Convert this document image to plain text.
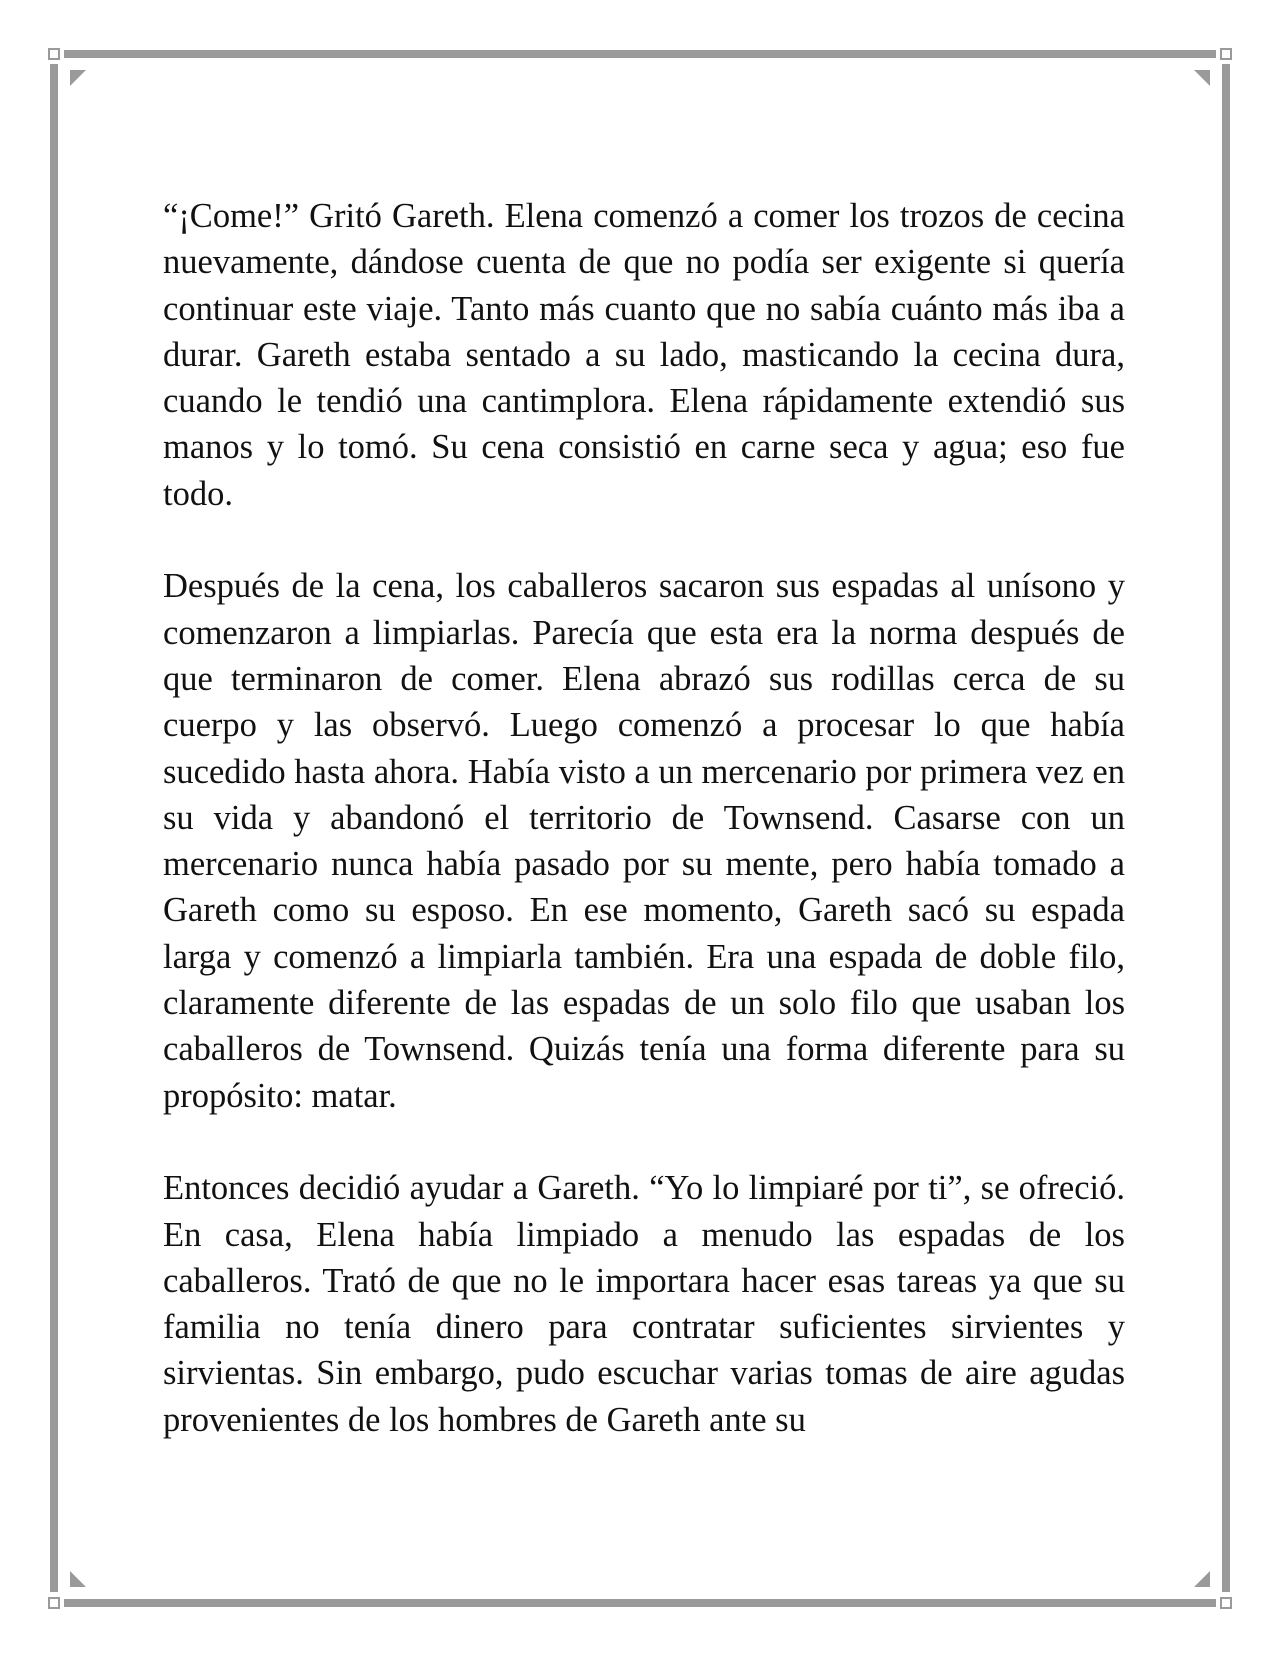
“¡Come!” Gritó Gareth. Elena comenzó a comer los trozos de cecina nuevamente, dándose cuenta de que no podía ser exigente si quería continuar este viaje. Tanto más cuanto que no sabía cuánto más iba a durar. Gareth estaba sentado a su lado, masticando la cecina dura, cuando le tendió una cantimplora. Elena rápidamente extendió sus manos y lo tomó. Su cena consistió en carne seca y agua; eso fue todo.

Después de la cena, los caballeros sacaron sus espadas al unísono y comenzaron a limpiarlas. Parecía que esta era la norma después de que terminaron de comer. Elena abrazó sus rodillas cerca de su cuerpo y las observó. Luego comenzó a procesar lo que había sucedido hasta ahora. Había visto a un mercenario por primera vez en su vida y abandonó el territorio de Townsend. Casarse con un mercenario nunca había pasado por su mente, pero había tomado a Gareth como su esposo. En ese momento, Gareth sacó su espada larga y comenzó a limpiarla también. Era una espada de doble filo, claramente diferente de las espadas de un solo filo que usaban los caballeros de Townsend. Quizás tenía una forma diferente para su propósito: matar.

Entonces decidió ayudar a Gareth. “Yo lo limpiaré por ti”, se ofreció. En casa, Elena había limpiado a menudo las espadas de los caballeros. Trató de que no le importara hacer esas tareas ya que su familia no tenía dinero para contratar suficientes sirvientes y sirvientas. Sin embargo, pudo escuchar varias tomas de aire agudas provenientes de los hombres de Gareth ante su
